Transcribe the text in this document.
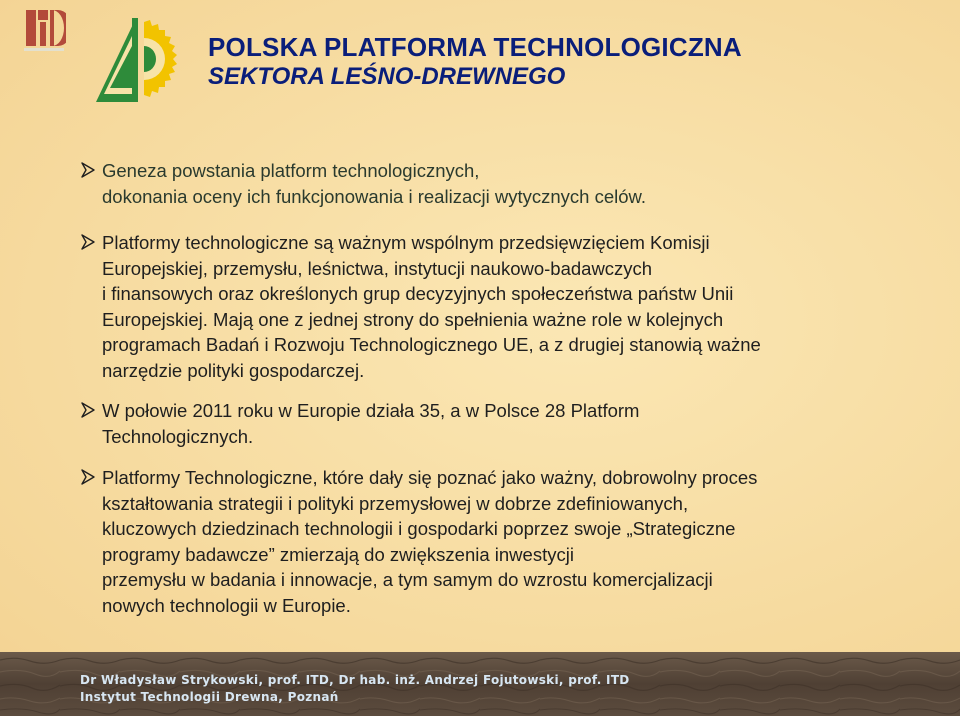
POLSKA PLATFORMA TECHNOLOGICZNA
SEKTORA LEŚNO-DREWNEGO
Geneza powstania platform technologicznych,
dokonania oceny ich funkcjonowania i realizacji wytycznych celów.
Platformy technologiczne są ważnym wspólnym przedsięwzięciem Komisji
Europejskiej, przemysłu, leśnictwa, instytucji naukowo-badawczych
i finansowych oraz określonych grup decyzyjnych społeczeństwa państw Unii
Europejskiej. Mają one z jednej strony do spełnienia ważne role w kolejnych
programach Badań i Rozwoju Technologicznego UE, a z drugiej stanowią ważne
narzędzie polityki gospodarczej.
W połowie 2011 roku w Europie działa 35, a w Polsce 28 Platform
Technologicznych.
Platformy Technologiczne, które dały się poznać jako ważny, dobrowolny proces
kształtowania strategii i polityki przemysłowej w dobrze zdefiniowanych,
kluczowych dziedzinach technologii i gospodarki poprzez swoje „Strategiczne
programy badawcze” zmierzają do zwiększenia inwestycji
przemysłu w badania i innowacje, a tym samym do wzrostu komercjalizacji
nowych technologii w Europie.
Dr Władysław Strykowski, prof. ITD, Dr hab. inż. Andrzej Fojutowski, prof. ITD
Instytut Technologii Drewna, Poznań
